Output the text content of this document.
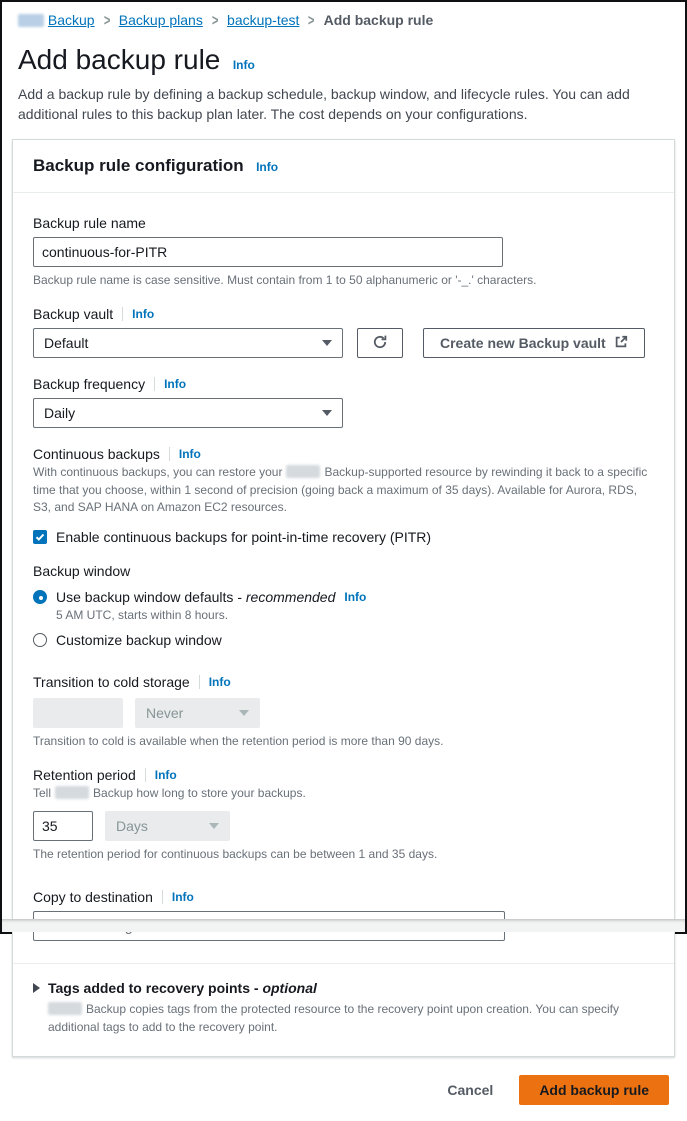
Backup > Backup plans > backup-test > Add backup rule
Add backup rule Info

Add a backup rule by defining a backup schedule, backup window, and lifecycle rules. You can add additional rules to this backup plan later. The cost depends on your configurations.

Backup rule configuration Info
Backup rule name
continuous-for-PITR
Backup rule name is case sensitive. Must contain from 1 to 50 alphanumeric or '-_.' characters.
Backup vault Info
Default	Create new Backup vault
Backup frequency Info
Daily
Continuous backups Info
With continuous backups, you can restore your	Backup-supported resource by rewinding it back to a specific time that you choose, within 1 second of precision (going back a maximum of 35 days). Available for Aurora, RDS, S3, and SAP HANA on Amazon EC2 resources.
Enable continuous backups for point-in-time recovery (PITR)
Backup window
Use backup window defaults - recommended Info
5 AM UTC, starts within 8 hours.
Customize backup window
Transition to cold storage Info
Never
Transition to cold is available when the retention period is more than 90 days.
Retention period Info
Tell	Backup how long to store your backups.
35
Days
The retention period for continuous backups can be between 1 and 35 days.
Copy to destination Info
Tags added to recovery points - optional
Backup copies tags from the protected resource to the recovery point upon creation. You can specify additional tags to add to the recovery point.
Cancel	Add backup rule
